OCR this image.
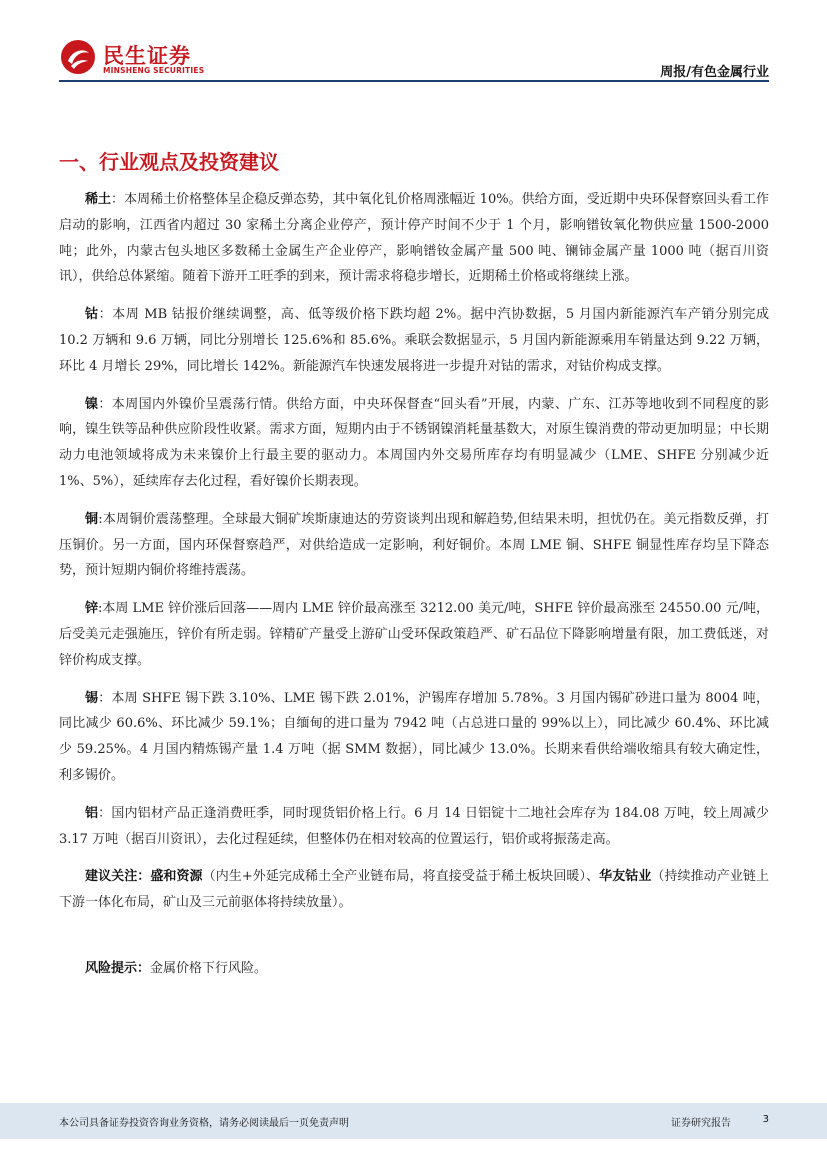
民生证券
MINSHENG SECURITIES	周报/有色金属行业
一、行业观点及投资建议

稀土：本周稀土价格整体呈企稳反弹态势，其中氧化钆价格周涨幅近 10%。供给方面，受近期中央环保督察回头看工作启动的影响，江西省内超过 30 家稀土分离企业停产，预计停产时间不少于 1 个月，影响镨钕氧化物供应量 1500-2000 吨；此外，内蒙古包头地区多数稀土金属生产企业停产，影响镨钕金属产量 500 吨、镧铈金属产量 1000 吨（据百川资讯），供给总体紧缩。随着下游开工旺季的到来，预计需求将稳步增长，近期稀土价格或将继续上涨。

钴：本周 MB 钴报价继续调整，高、低等级价格下跌均超 2%。据中汽协数据，5 月国内新能源汽车产销分别完成 10.2 万辆和 9.6 万辆，同比分别增长 125.6%和 85.6%。乘联会数据显示，5 月国内新能源乘用车销量达到 9.22 万辆，环比 4 月增长 29%，同比增长 142%。新能源汽车快速发展将进一步提升对钴的需求，对钴价构成支撑。

镍：本周国内外镍价呈震荡行情。供给方面，中央环保督查“回头看”开展，内蒙、广东、江苏等地收到不同程度的影响，镍生铁等品种供应阶段性收紧。需求方面，短期内由于不锈钢镍消耗量基数大，对原生镍消费的带动更加明显；中长期动力电池领域将成为未来镍价上行最主要的驱动力。本周国内外交易所库存均有明显减少（LME、SHFE 分别减少近 1%、5%），延续库存去化过程，看好镍价长期表现。

铜:本周铜价震荡整理。全球最大铜矿埃斯康迪达的劳资谈判出现和解趋势,但结果未明，担忧仍在。美元指数反弹，打压铜价。另一方面，国内环保督察趋严，对供给造成一定影响，利好铜价。本周 LME 铜、SHFE 铜显性库存均呈下降态势，预计短期内铜价将维持震荡。

锌:本周 LME 锌价涨后回落——周内 LME 锌价最高涨至 3212.00 美元/吨，SHFE 锌价最高涨至 24550.00 元/吨，后受美元走强施压，锌价有所走弱。锌精矿产量受上游矿山受环保政策趋严、矿石品位下降影响增量有限，加工费低迷，对锌价构成支撑。

锡：本周 SHFE 锡下跌 3.10%、LME 锡下跌 2.01%，沪锡库存增加 5.78%。3 月国内锡矿砂进口量为 8004 吨，同比减少 60.6%、环比减少 59.1%；自缅甸的进口量为 7942 吨（占总进口量的 99%以上），同比减少 60.4%、环比减少 59.25%。4 月国内精炼锡产量 1.4 万吨（据 SMM 数据），同比减少 13.0%。长期来看供给端收缩具有较大确定性，利多锡价。

铝：国内铝材产品正逢消费旺季，同时现货铝价格上行。6 月 14 日铝锭十二地社会库存为 184.08 万吨，较上周减少 3.17 万吨（据百川资讯），去化过程延续，但整体仍在相对较高的位置运行，铝价或将振荡走高。

建议关注：盛和资源（内生+外延完成稀土全产业链布局，将直接受益于稀土板块回暖）、华友钴业（持续推动产业链上下游一体化布局，矿山及三元前驱体将持续放量）。

风险提示：金属价格下行风险。

本公司具备证券投资咨询业务资格，请务必阅读最后一页免责声明	证券研究报告	3
